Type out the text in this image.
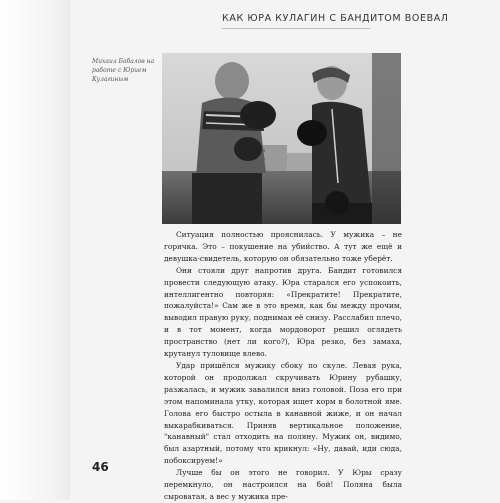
КАК ЮРА КУЛАГИН С БАНДИТОМ ВОЕВАЛ
Михаил Бабалов на работе с Юрием Кулагиным

Ситуация полностью прояснилась. У мужика – не горячка. Это – покушение на убийство. А тут же ещё и девушка-свидетель, которую он обязательно тоже уберёт.

Они стояли друг напротив друга. Бандит готовился провести следующую атаку. Юра старался его успокоить, интеллигентно повторяя: «Прекратите! Прекратите, пожалуйста!» Сам же в это время, как бы между прочим, выводил правую руку, поднимая её снизу. Расслабил плечо, и в тот момент, когда мордоворот решил оглядеть пространство (нет ли кого?), Юра резко, без замаха, крутанул туловище влево.

Удар пришёлся мужику сбоку по скуле. Левая рука, которой он продолжал скручивать Юрину рубашку, разжалась, и мужик завалился вниз головой. Поза его при этом напоминала утку, которая ищет корм в болотной яме. Голова его быстро остыла в канавной жиже, и он начал выкарабкиваться. Приняв вертикальное положение, "канавный" стал отходить на поляну. Мужик он, видимо, был азартный, потому что крикнул: «Ну, давай, иди сюда, побоксируем!»

Лучше бы он этого не говорил. У Юры сразу перемкнуло, он настроился на бой! Поляна была сыроватая, а вес у мужика пре-

46
